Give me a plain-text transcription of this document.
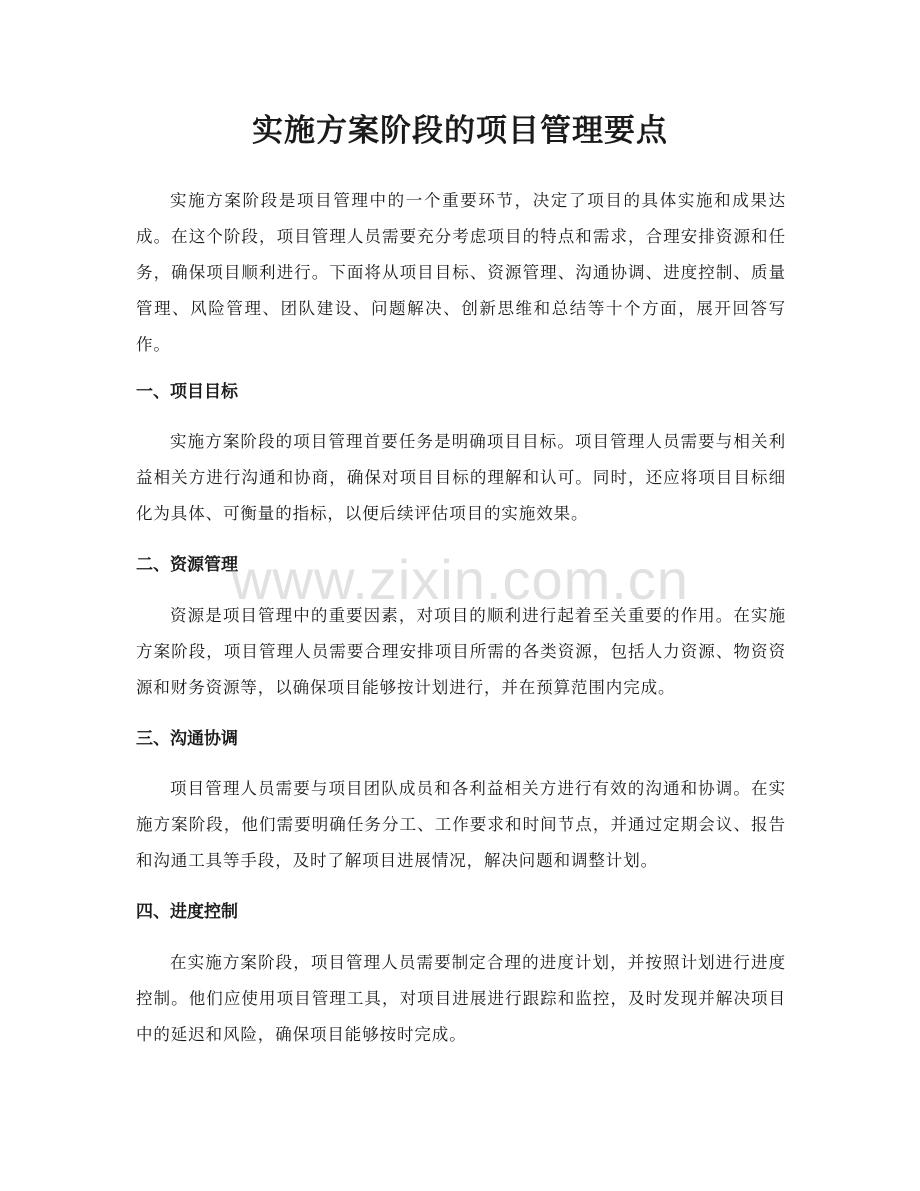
实施方案阶段的项目管理要点

实施方案阶段是项目管理中的一个重要环节，决定了项目的具体实施和成果达成。在这个阶段，项目管理人员需要充分考虑项目的特点和需求，合理安排资源和任务，确保项目顺利进行。下面将从项目目标、资源管理、沟通协调、进度控制、质量管理、风险管理、团队建设、问题解决、创新思维和总结等十个方面，展开回答写作。

一、项目目标

实施方案阶段的项目管理首要任务是明确项目目标。项目管理人员需要与相关利益相关方进行沟通和协商，确保对项目目标的理解和认可。同时，还应将项目目标细化为具体、可衡量的指标，以便后续评估项目的实施效果。

二、资源管理

资源是项目管理中的重要因素，对项目的顺利进行起着至关重要的作用。在实施方案阶段，项目管理人员需要合理安排项目所需的各类资源，包括人力资源、物资资源和财务资源等，以确保项目能够按计划进行，并在预算范围内完成。

三、沟通协调

项目管理人员需要与项目团队成员和各利益相关方进行有效的沟通和协调。在实施方案阶段，他们需要明确任务分工、工作要求和时间节点，并通过定期会议、报告和沟通工具等手段，及时了解项目进展情况，解决问题和调整计划。

四、进度控制

在实施方案阶段，项目管理人员需要制定合理的进度计划，并按照计划进行进度控制。他们应使用项目管理工具，对项目进展进行跟踪和监控，及时发现并解决项目中的延迟和风险，确保项目能够按时完成。

www.zixin.com.cn
